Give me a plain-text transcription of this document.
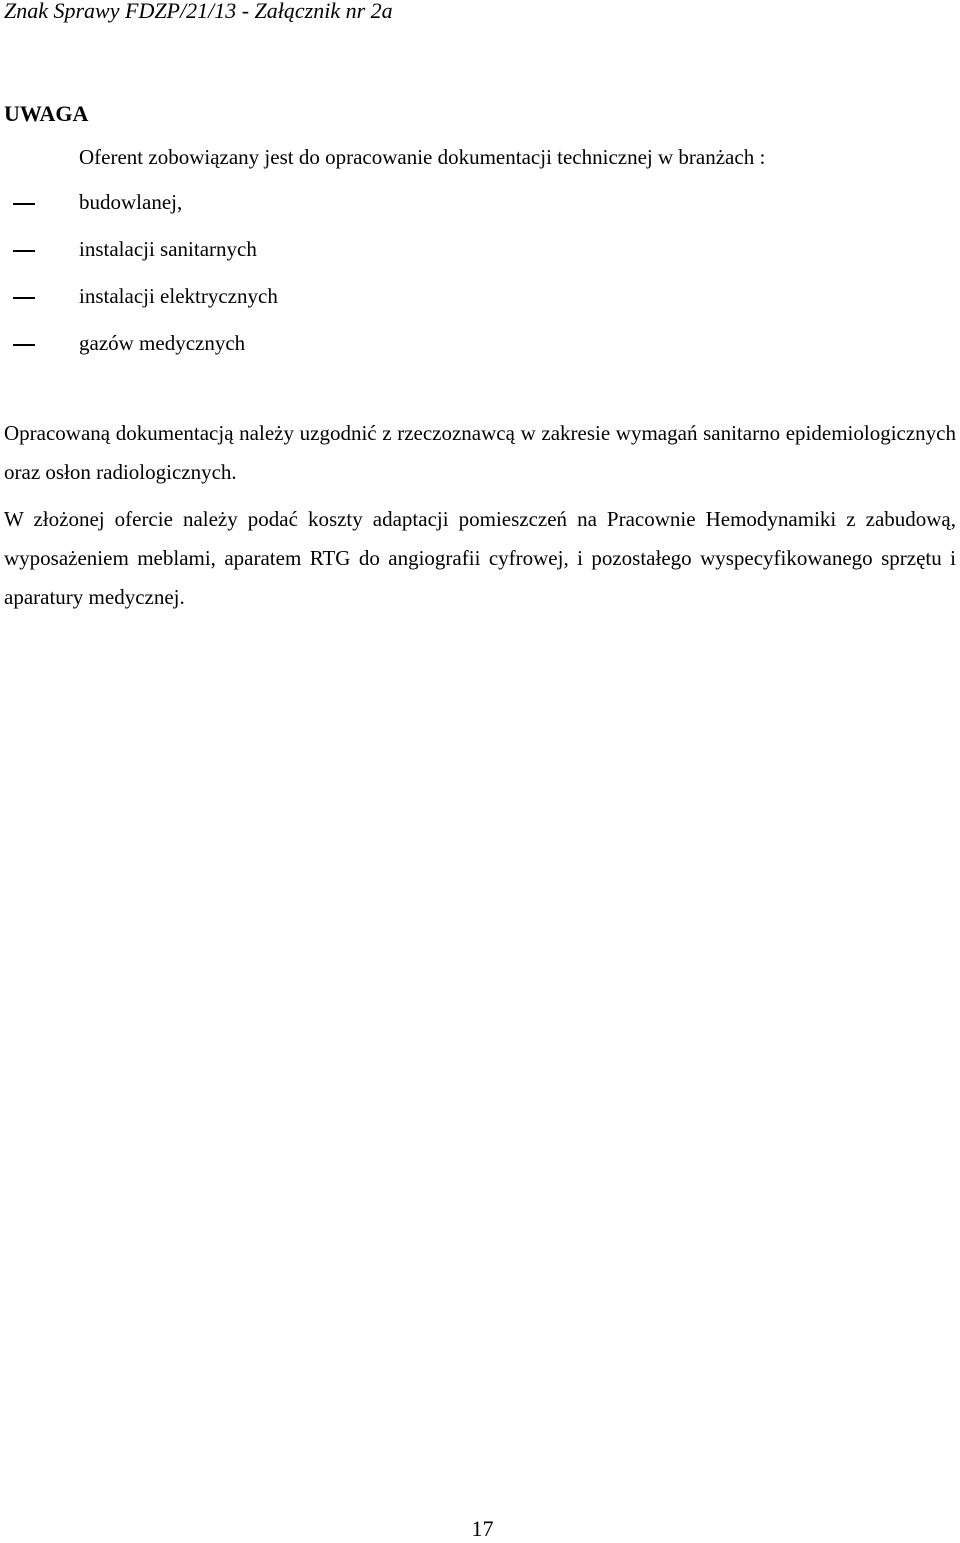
Znak Sprawy FDZP/21/13 - Załącznik nr 2a
UWAGA
Oferent zobowiązany jest do opracowanie dokumentacji technicznej w branżach :
budowlanej,
instalacji sanitarnych
instalacji elektrycznych
gazów medycznych

Opracowaną dokumentacją należy uzgodnić z rzeczoznawcą w zakresie wymagań sanitarno epidemiologicznych oraz osłon radiologicznych.

W złożonej ofercie należy podać koszty adaptacji pomieszczeń na Pracownie Hemodynamiki z zabudową, wyposażeniem meblami, aparatem RTG do angiografii cyfrowej, i pozostałego wyspecyfikowanego sprzętu i aparatury medycznej.

17
